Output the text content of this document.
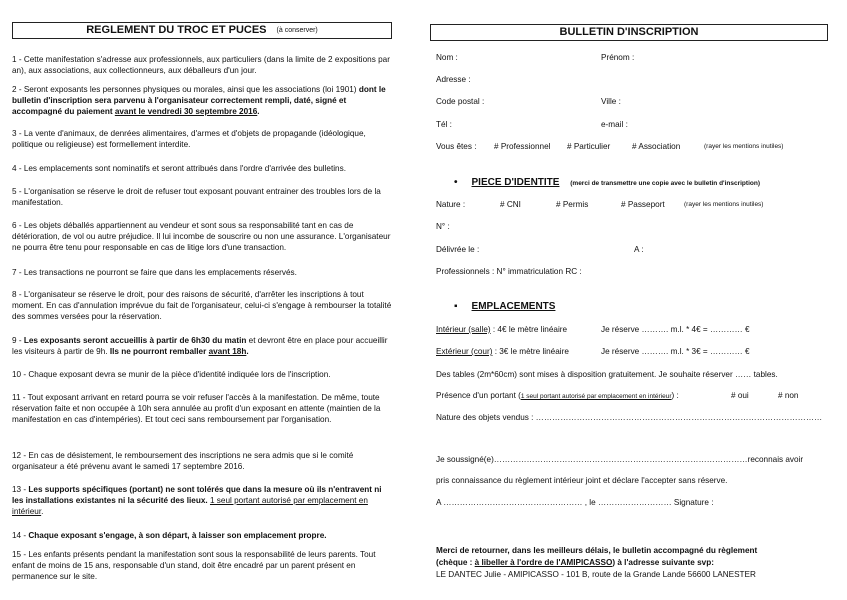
REGLEMENT DU TROC ET PUCES (à conserver)

1 - Cette manifestation s'adresse aux professionnels, aux particuliers (dans la limite de 2 expositions par an), aux associations, aux collectionneurs, aux déballeurs d'un jour.

2 - Seront exposants les personnes physiques ou morales, ainsi que les associations (loi 1901) dont le bulletin d'inscription sera parvenu à l'organisateur correctement rempli, daté, signé et accompagné du paiement avant le vendredi 30 septembre 2016.

3 - La vente d'animaux, de denrées alimentaires, d'armes et d'objets de propagande (idéologique, politique ou religieuse) est formellement interdite.

4 - Les emplacements sont nominatifs et seront attribués dans l'ordre d'arrivée des bulletins.

5 - L'organisation se réserve le droit de refuser tout exposant pouvant entrainer des troubles lors de la manifestation.

6 - Les objets déballés appartiennent au vendeur et sont sous sa responsabilité tant en cas de détérioration, de vol ou autre préjudice. Il lui incombe de souscrire ou non une assurance. L'organisateur ne pourra être tenu pour responsable en cas de litige lors d'une transaction.

7 - Les transactions ne pourront se faire que dans les emplacements réservés.

8 - L'organisateur se réserve le droit, pour des raisons de sécurité, d'arrêter les inscriptions à tout moment. En cas d'annulation imprévue du fait de l'organisateur, celui-ci s'engage à rembourser la totalité des sommes versées pour la réservation.

9 - Les exposants seront accueillis à partir de 6h30 du matin et devront être en place pour accueillir les visiteurs à partir de 9h. Ils ne pourront remballer avant 18h.

10 - Chaque exposant devra se munir de la pièce d'identité indiquée lors de l'inscription.

11 - Tout exposant arrivant en retard pourra se voir refuser l'accès à la manifestation. De même, toute réservation faite et non occupée à 10h sera annulée au profit d'un exposant en attente (maintien de la manifestation en cas d'intempéries). Et tout ceci sans remboursement par l'organisation.

12 - En cas de désistement, le remboursement des inscriptions ne sera admis que si le comité organisateur a été prévenu avant le samedi 17 septembre 2016.

13 - Les supports spécifiques (portant) ne sont tolérés que dans la mesure où ils n'entravent ni les installations existantes ni la sécurité des lieux. 1 seul portant autorisé par emplacement en intérieur.

14 - Chaque exposant s'engage, à son départ, à laisser son emplacement propre.

15 - Les enfants présents pendant la manifestation sont sous la responsabilité de leurs parents. Tout enfant de moins de 15 ans, responsable d'un stand, doit être encadré par un parent présent en permanence sur le site.

BULLETIN D'INSCRIPTION
Nom :	Prénom :
Adresse :
Code postal :	Ville :
Tél :	e-mail :
Vous êtes : # Professionnel # Particulier	# Association	(rayer les mentions inutiles)
• PIECE D'IDENTITE (merci de transmettre une copie avec le bulletin d'inscription)
Nature :	# CNI	# Permis	# Passeport	(rayer les mentions inutiles)
N° :
Délivrée le :	A :
Professionnels : N° immatriculation RC :
▪ EMPLACEMENTS
Intérieur (salle) : 4€ le mètre linéaire	Je réserve ………. m.l. * 4€ = ………… €
Extérieur (cour) : 3€ le mètre linéaire	Je réserve ………. m.l. * 3€ = ………… €
Des tables (2m*60cm) sont mises à disposition gratuitement. Je souhaite réserver …… tables.
Présence d'un portant (1 seul portant autorisé par emplacement en intérieur) :	# oui	# non
Nature des objets vendus : ……………………………………………………………………………………………
Je soussigné(e)…………………………………………………………………………………reconnais avoir
pris connaissance du règlement intérieur joint et déclare l'accepter sans réserve.
A …………………………………………… , le ……………………… Signature :
Merci de retourner, dans les meilleurs délais, le bulletin accompagné du règlement
(chèque : à libeller à l'ordre de l'AMIPICASSO) à l'adresse suivante svp:
LE DANTEC Julie - AMIPICASSO - 101 B, route de la Grande Lande 56600 LANESTER
